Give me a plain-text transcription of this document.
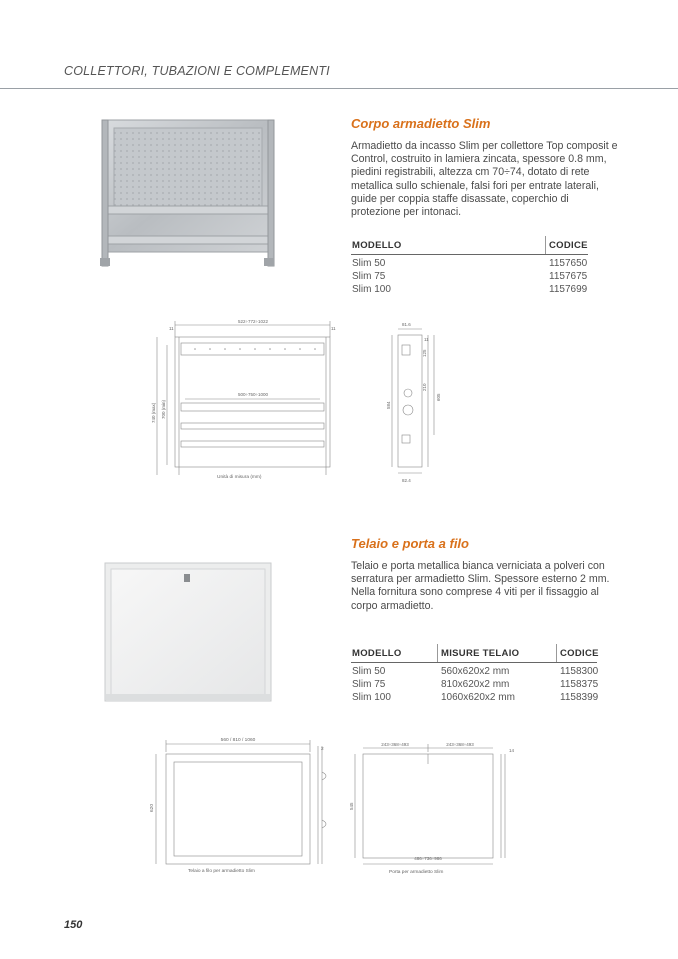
COLLETTORI, TUBAZIONI E COMPLEMENTI
Corpo armadietto Slim
Armadietto da incasso Slim per collettore Top composit e Control, costruito in lamiera zincata, spessore 0.8 mm, piedini registrabili, altezza cm 70÷74, dotato di rete metallica sullo schienale, falsi fori per entrate laterali, guide per coppia staffe disassate, coperchio di protezione per intonaci.
MODELLO	CODICE
Slim 50	1157650
Slim 75	1157675
Slim 100	1157699
522÷772÷1022
11	11
500÷750÷1000
740 (max) 700 (min)
Unità di misura (mm)
81.6
82.4
125
210
605
584
11
Telaio e porta a filo
Telaio e porta metallica bianca verniciata a polveri con serratura per armadietto Slim. Spessore esterno 2 mm. Nella fornitura sono comprese 4 viti per il fissaggio al corpo armadietto.
MODELLO	MISURE TELAIO	CODICE
Slim 50	560x620x2 mm	1158300
Slim 75	810x620x2 mm	1158375
Slim 100	1060x620x2 mm	1158399
560 / 810 / 1060
620
2
Telaio a filo per armadietto Slim
243÷368÷493	243÷368÷493
486÷736÷986
545
14
Porta per armadietto Slim
150
